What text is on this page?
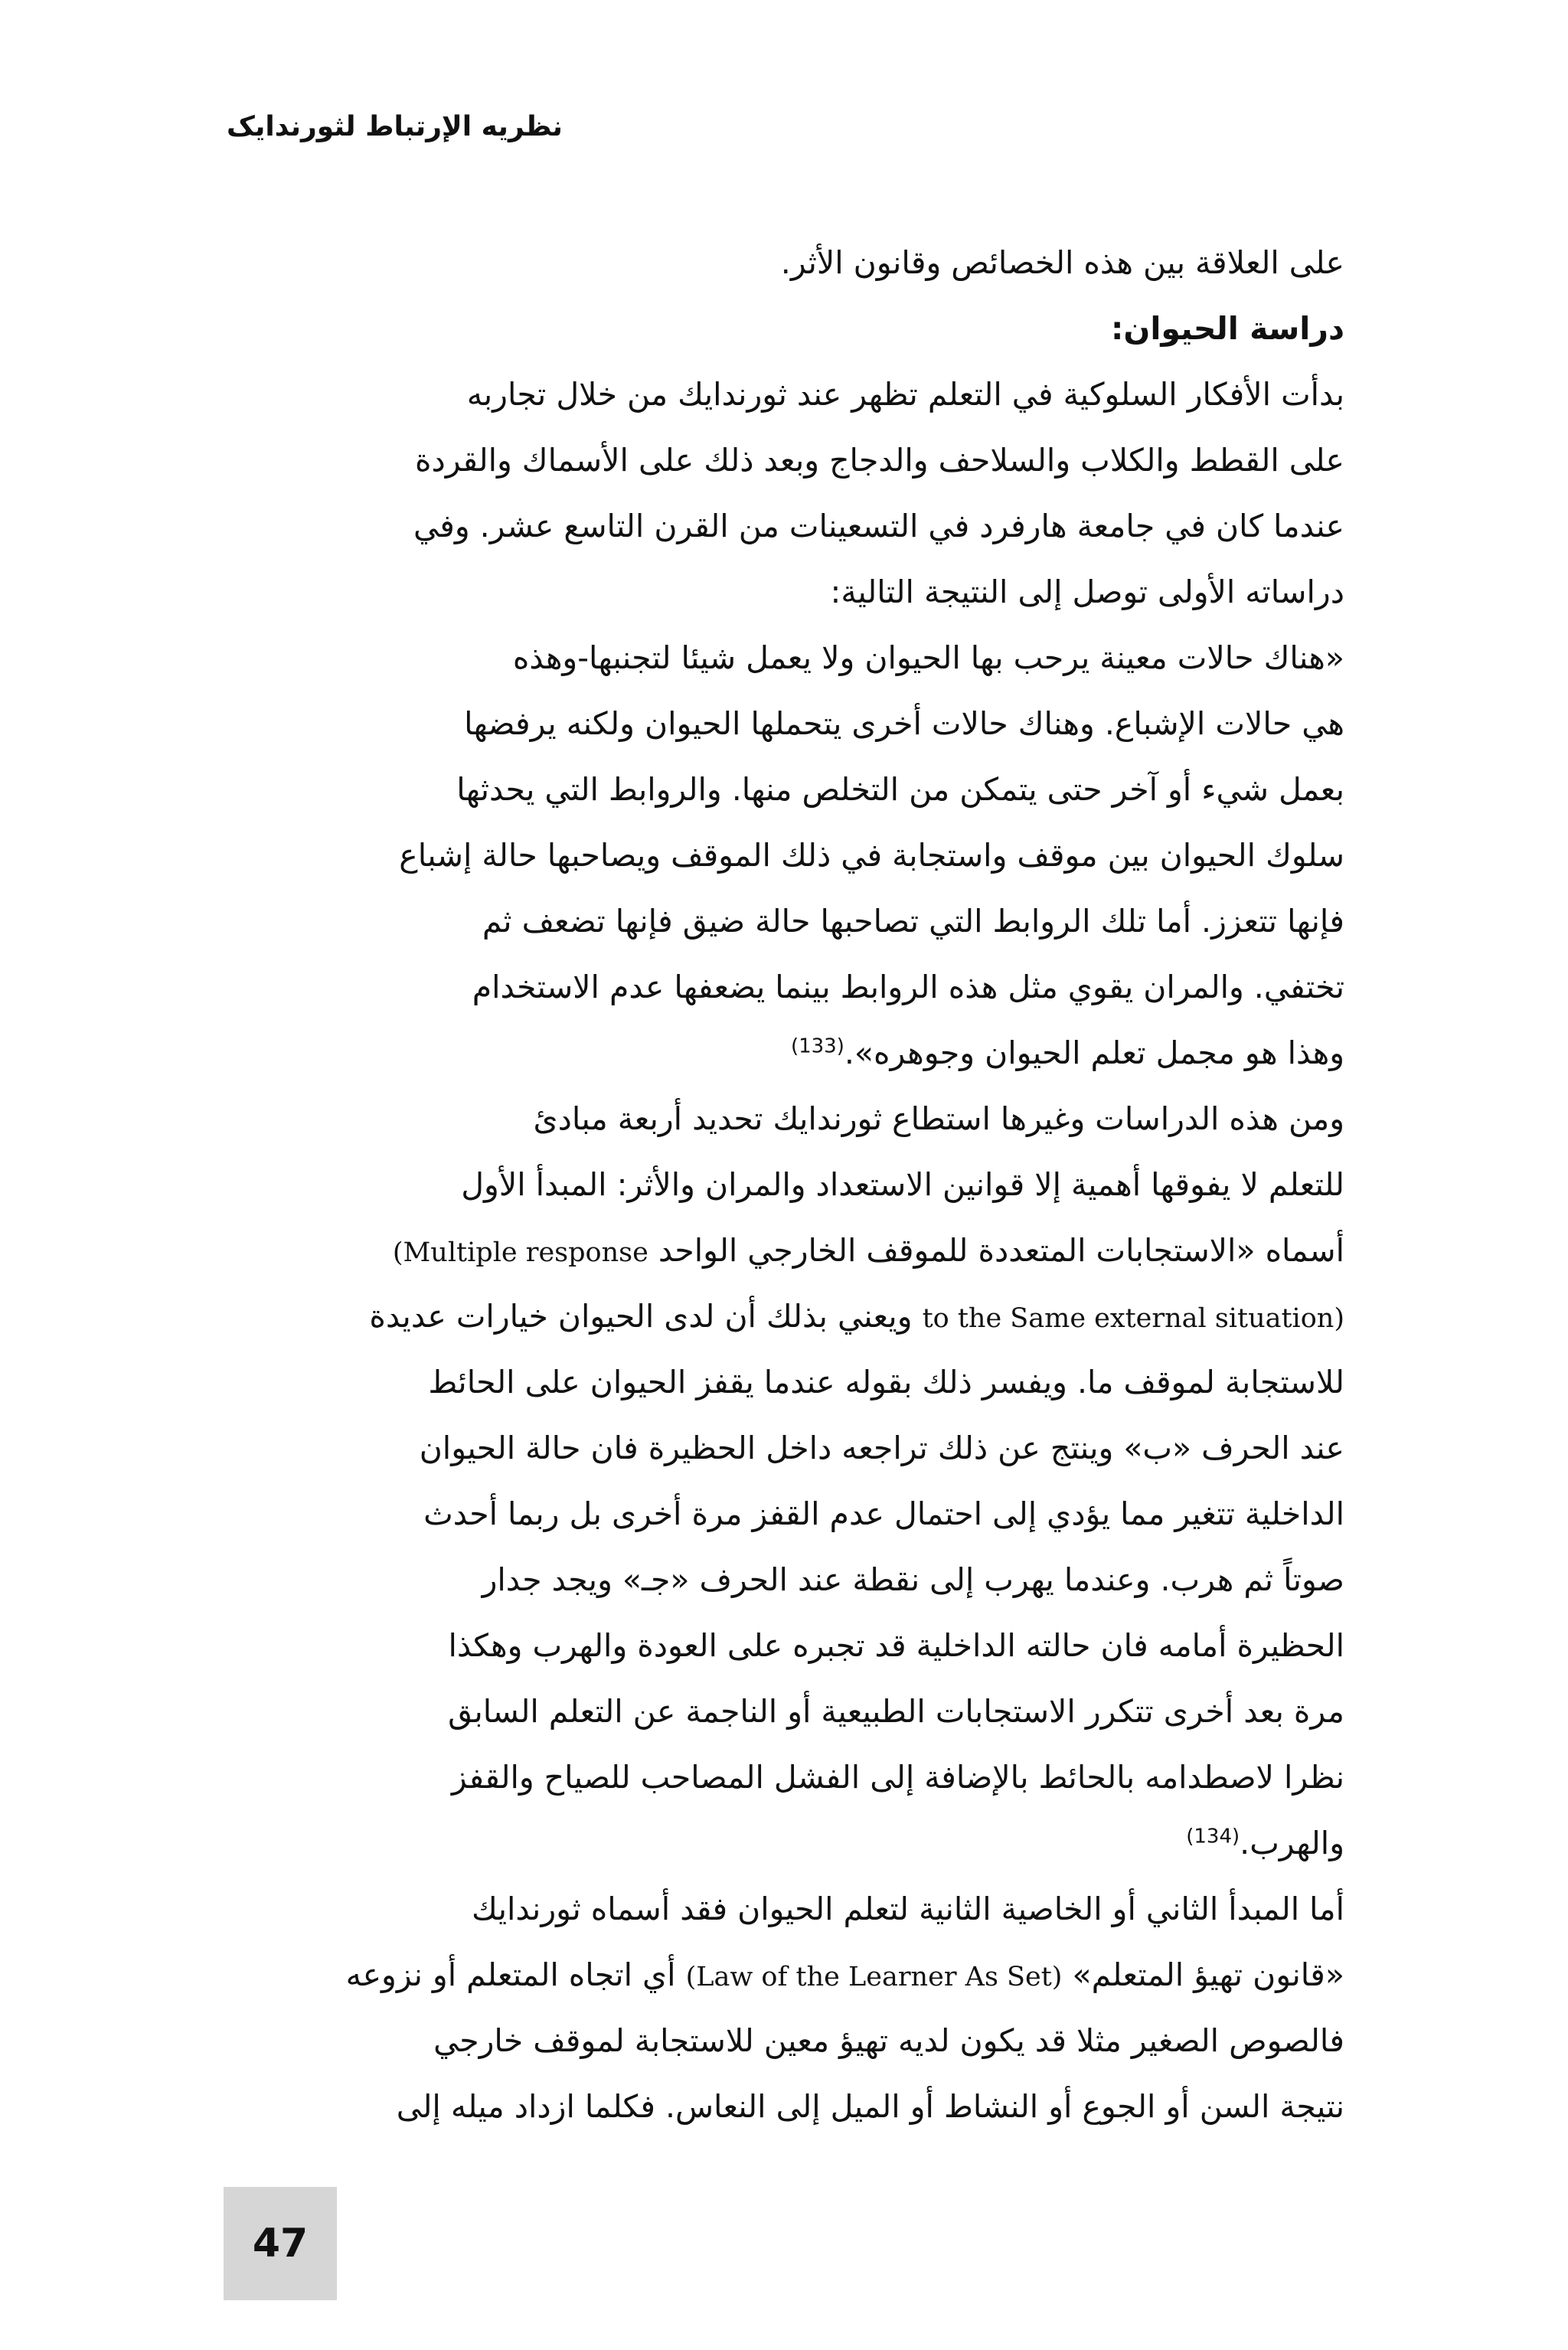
نظريه الإرتباط لثورندايک
على العلاقة بين هذه الخصائص وقانون الأثر.
دراسة الحيوان:
بدأت الأفكار السلوكية في التعلم تظهر عند ثورندايك من خلال تجاربه
على القطط والكلاب والسلاحف والدجاج وبعد ذلك على الأسماك والقردة
عندما كان في جامعة هارفرد في التسعينات من القرن التاسع عشر. وفي
دراساته الأولى توصل إلى النتيجة التالية:
«هناك حالات معينة يرحب بها الحيوان ولا يعمل شيئا لتجنبها-وهذه
هي حالات الإشباع. وهناك حالات أخرى يتحملها الحيوان ولكنه يرفضها
بعمل شيء أو آخر حتى يتمكن من التخلص منها. والروابط التي يحدثها
سلوك الحيوان بين موقف واستجابة في ذلك الموقف ويصاحبها حالة إشباع
فإنها تتعزز. أما تلك الروابط التي تصاحبها حالة ضيق فإنها تضعف ثم
تختفي. والمران يقوي مثل هذه الروابط بينما يضعفها عدم الاستخدام
وهذا هو مجمل تعلم الحيوان وجوهره».$^{(133)}$
ومن هذه الدراسات وغيرها استطاع ثورندايك تحديد أربعة مبادئ
للتعلم لا يفوقها أهمية إلا قوانين الاستعداد والمران والأثر: المبدأ الأول
أسماه «الاستجابات المتعددة للموقف الخارجي الواحد (Multiple response
to the Same external situation) ويعني بذلك أن لدى الحيوان خيارات عديدة
للاستجابة لموقف ما. ويفسر ذلك بقوله عندما يقفز الحيوان على الحائط
عند الحرف «ب» وينتج عن ذلك تراجعه داخل الحظيرة فان حالة الحيوان
الداخلية تتغير مما يؤدي إلى احتمال عدم القفز مرة أخرى بل ربما أحدث
صوتاً ثم هرب. وعندما يهرب إلى نقطة عند الحرف «جـ» ويجد جدار
الحظيرة أمامه فان حالته الداخلية قد تجبره على العودة والهرب وهكذا
مرة بعد أخرى تتكرر الاستجابات الطبيعية أو الناجمة عن التعلم السابق
نظرا لاصطدامه بالحائط بالإضافة إلى الفشل المصاحب للصياح والقفز
والهرب.$^{(134)}$
أما المبدأ الثاني أو الخاصية الثانية لتعلم الحيوان فقد أسماه ثورندايك
«قانون تهيؤ المتعلم» (Law of the Learner As Set) أي اتجاه المتعلم أو نزوعه
فالصوص الصغير مثلا قد يكون لديه تهيؤ معين للاستجابة لموقف خارجي
نتيجة السن أو الجوع أو النشاط أو الميل إلى النعاس. فكلما ازداد ميله إلى
47
